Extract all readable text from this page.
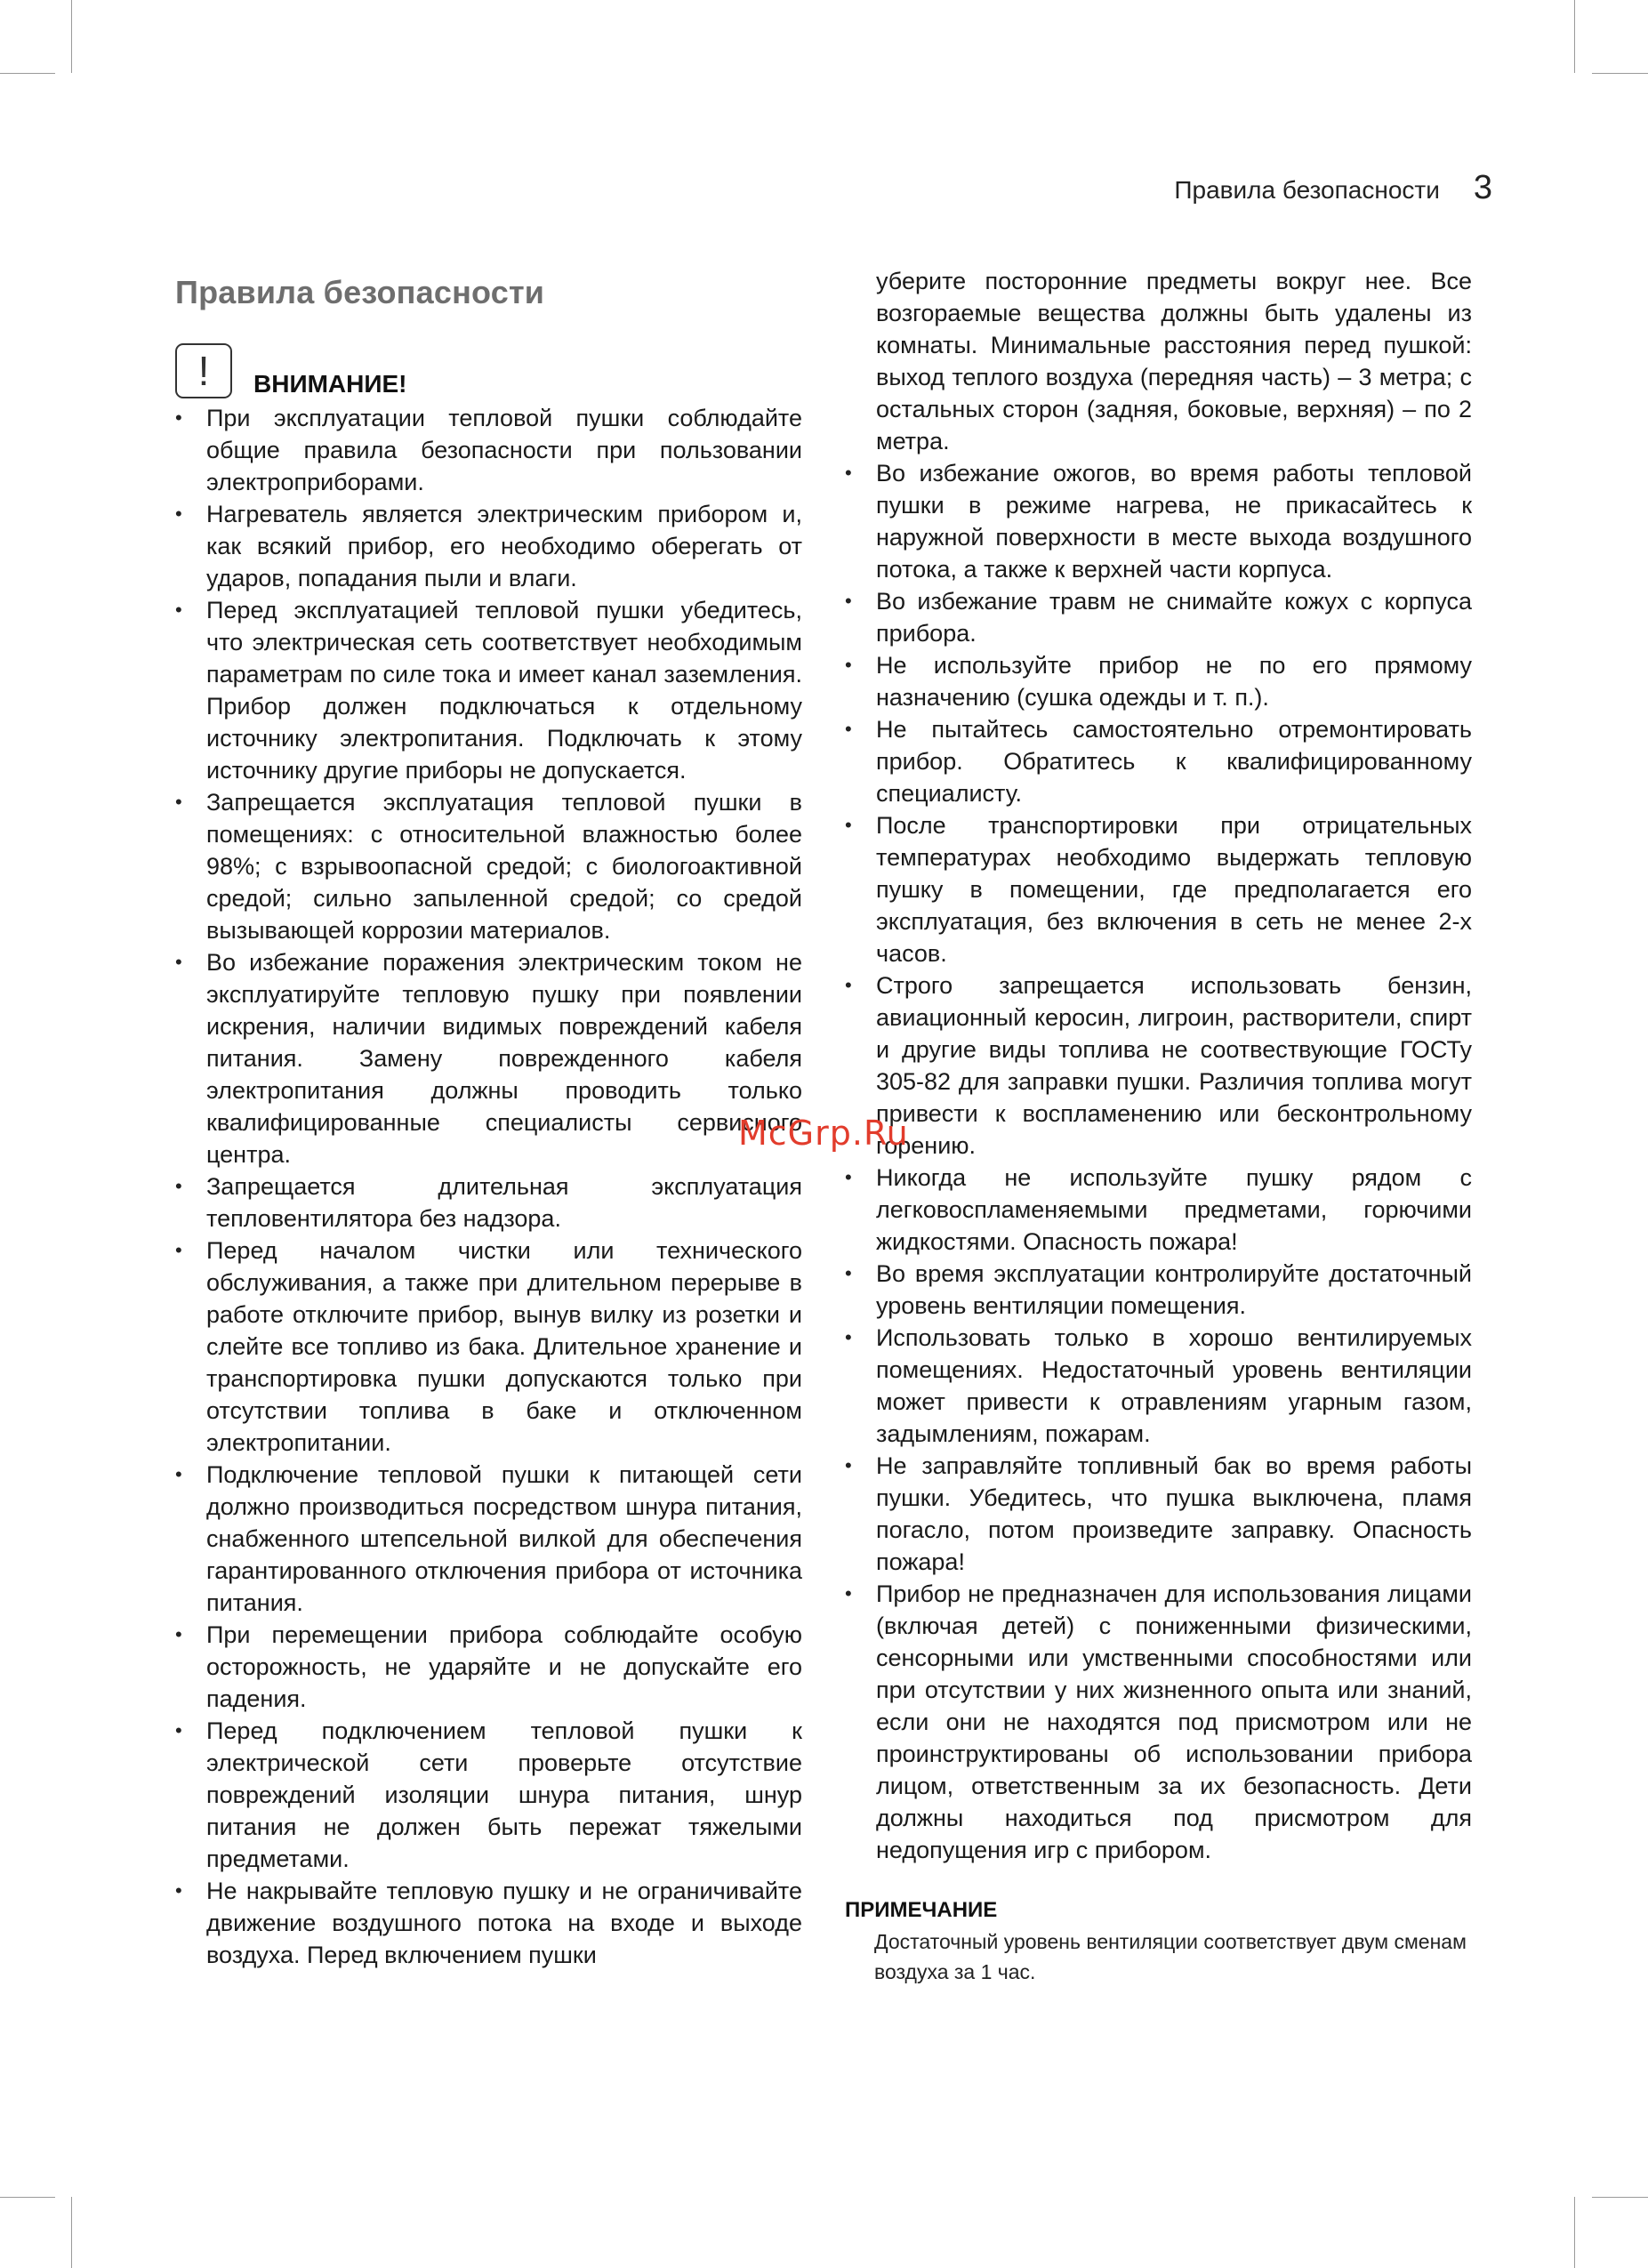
Правила безопасности 3
Правила безопасности
!	ВНИМАНИЕ!
• При эксплуатации тепловой пушки соблюдайте общие правила безопасности при пользовании электроприборами.
• Нагреватель является электрическим прибором и, как всякий прибор, его необходимо оберегать от ударов, попадания пыли и влаги.
• Перед эксплуатацией тепловой пушки убедитесь, что электрическая сеть соответствует необходимым параметрам по силе тока и имеет канал заземления. Прибор должен подключаться к отдельному источнику электропитания. Подключать к этому источнику другие приборы не допускается.
• Запрещается эксплуатация тепловой пушки в помещениях: с относительной влажностью более 98%; с взрывоопасной средой; с биологоактивной средой; сильно запыленной средой; со средой вызывающей коррозии материалов.
• Во избежание поражения электрическим током не эксплуатируйте тепловую пушку при появлении искрения, наличии видимых повреждений кабеля питания. Замену поврежденного кабеля электропитания должны проводить только квалифицированные специалисты сервисного центра.
• Запрещается длительная эксплуатация тепловентилятора без надзора.
• Перед началом чистки или технического обслуживания, а также при длительном перерыве в работе отключите прибор, вынув вилку из розетки и слейте все топливо из бака. Длительное хранение и транспортировка пушки допускаются только при отсутствии топлива в баке и отключенном электропитании.
• Подключение тепловой пушки к питающей сети должно производиться посредством шнура питания, снабженного штепсельной вилкой для обеспечения гарантированного отключения прибора от источника питания.
• При перемещении прибора соблюдайте особую осторожность, не ударяйте и не допускайте его падения.
• Перед подключением тепловой пушки к электрической сети проверьте отсутствие повреждений изоляции шнура питания, шнур питания не должен быть пережат тяжелыми предметами.
• Не накрывайте тепловую пушку и не ограничивайте движение воздушного потока на входе и выходе воздуха. Перед включением пушки

уберите посторонние предметы вокруг нее. Все возгораемые вещества должны быть удалены из комнаты. Минимальные расстояния перед пушкой: выход теплого воздуха (передняя часть) – 3 метра; с остальных сторон (задняя, боковые, верхняя) – по 2 метра.

• Во избежание ожогов, во время работы тепловой пушки в режиме нагрева, не прикасайтесь к наружной поверхности в месте выхода воздушного потока, а также к верхней части корпуса.
• Во избежание травм не снимайте кожух с корпуса прибора.
• Не используйте прибор не по его прямому назначению (сушка одежды и т. п.).
• Не пытайтесь самостоятельно отремонтировать прибор. Обратитесь к квалифицированному специалисту.
• После транспортировки при отрицательных температурах необходимо выдержать тепловую пушку в помещении, где предполагается его эксплуатация, без включения в сеть не менее 2-х часов.
• Строго запрещается использовать бензин, авиационный керосин, лигроин, растворители, спирт и другие виды топлива не соотвествующие ГОСТу 305-82 для заправки пушки. Различия топлива могут привести к воспламенению или бесконтрольному горению.
• Никогда не используйте пушку рядом с легковоспламеняемыми предметами, горючими жидкостями. Опасность пожара!
• Во время эксплуатации контролируйте достаточный уровень вентиляции помещения.
• Использовать только в хорошо вентилируемых помещениях. Недостаточный уровень вентиляции может привести к отравлениям угарным газом, задымлениям, пожарам.
• Не заправляйте топливный бак во время работы пушки. Убедитесь, что пушка выключена, пламя погасло, потом произведите заправку. Опасность пожара!
• Прибор не предназначен для использования лицами (включая детей) с пониженными физическими, сенсорными или умственными способностями или при отсутствии у них жизненного опыта или знаний, если они не находятся под присмотром или не проинструктированы об использовании прибора лицом, ответственным за их безопасность. Дети должны находиться под присмотром для недопущения игр с прибором.
ПРИМЕЧАНИЕ
Достаточный уровень вентиляции соответствует двум сменам воздуха за 1 час.
McGrp.Ru
